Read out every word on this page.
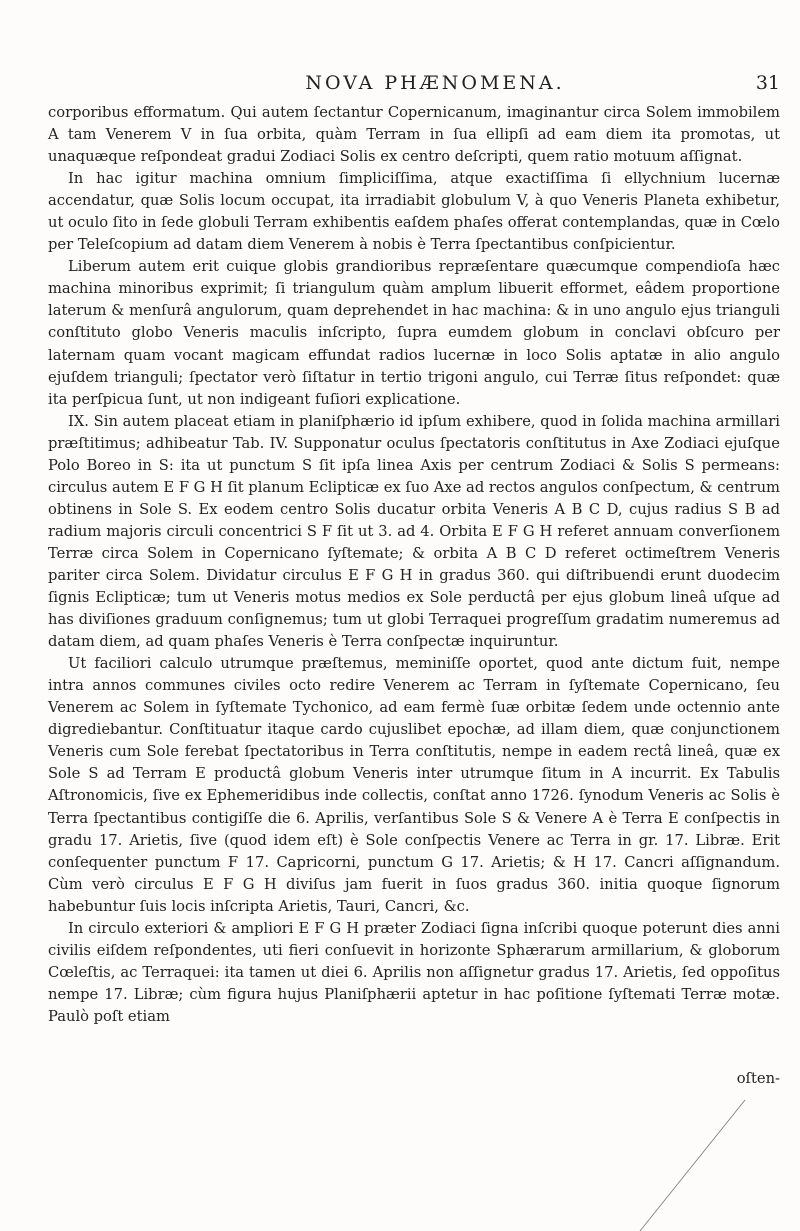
NOVA PHÆNOMENA.	31

corporibus efformatum. Qui autem ſectantur Copernicanum, imaginantur circa Solem immobilem A tam Venerem V in ſua orbita, quàm Terram in ſua ellipſi ad eam diem ita promotas, ut unaquæque reſpondeat gradui Zodiaci Solis ex centro deſcripti, quem ratio motuum aſſignat.

In hac igitur machina omnium ſimpliciſſima, atque exactiſſima ſi ellychnium lucernæ accendatur, quæ Solis locum occupat, ita irradiabit globulum V, à quo Veneris Planeta exhibetur, ut oculo ſito in ſede globuli Terram exhibentis eaſdem phaſes offerat contemplandas, quæ in Cœlo per Teleſcopium ad datam diem Venerem à nobis è Terra ſpectantibus conſpicientur.

Liberum autem erit cuique globis grandioribus repræſentare quæcumque compendioſa hæc machina minoribus exprimit; ſi triangulum quàm amplum libuerit efformet, eâdem proportione laterum & menſurâ angulorum, quam deprehendet in hac machina: & in uno angulo ejus trianguli conſtituto globo Veneris maculis inſcripto, ſupra eumdem globum in conclavi obſcuro per laternam quam vocant magicam effundat radios lucernæ in loco Solis aptatæ in alio angulo ejuſdem trianguli; ſpectator verò ſiſtatur in tertio trigoni angulo, cui Terræ ſitus reſpondet: quæ ita perſpicua ſunt, ut non indigeant fuſiori explicatione.

IX. Sin autem placeat etiam in planiſphærio id ipſum exhibere, quod in ſolida machina armillari præſtitimus; adhibeatur Tab. IV. Supponatur oculus ſpectatoris conſtitutus in Axe Zodiaci ejuſque Polo Boreo in S: ita ut punctum S ſit ipſa linea Axis per centrum Zodiaci & Solis S permeans: circulus autem E F G H ſit planum Eclipticæ ex ſuo Axe ad rectos angulos conſpectum, & centrum obtinens in Sole S. Ex eodem centro Solis ducatur orbita Veneris A B C D, cujus radius S B ad radium majoris circuli concentrici S F ſit ut 3. ad 4. Orbita E F G H referet annuam converſionem Terræ circa Solem in Copernicano ſyſtemate; & orbita A B C D referet octimeſtrem Veneris pariter circa Solem. Dividatur circulus E F G H in gradus 360. qui diſtribuendi erunt duodecim ſignis Eclipticæ; tum ut Veneris motus medios ex Sole perductâ per ejus globum lineâ uſque ad has diviſiones graduum conſignemus; tum ut globi Terraquei progreſſum gradatim numeremus ad datam diem, ad quam phaſes Veneris è Terra conſpectæ inquiruntur.

Ut faciliori calculo utrumque præſtemus, meminiſſe oportet, quod ante dictum fuit, nempe intra annos communes civiles octo redire Venerem ac Terram in ſyſtemate Copernicano, ſeu Venerem ac Solem in ſyſtemate Tychonico, ad eam fermè ſuæ orbitæ ſedem unde octennio ante digrediebantur. Conſtituatur itaque cardo cujuslibet epochæ, ad illam diem, quæ conjunctionem Veneris cum Sole ferebat ſpectatoribus in Terra conſtitutis, nempe in eadem rectâ lineâ, quæ ex Sole S ad Terram E productâ globum Veneris inter utrumque ſitum in A incurrit. Ex Tabulis Aſtronomicis, ſive ex Ephemeridibus inde collectis, conſtat anno 1726. ſynodum Veneris ac Solis è Terra ſpectantibus contigiſſe die 6. Aprilis, verſantibus Sole S & Venere A è Terra E conſpectis in gradu 17. Arietis, ſive (quod idem eſt) è Sole conſpectis Venere ac Terra in gr. 17. Libræ. Erit conſequenter punctum F 17. Capricorni, punctum G 17. Arietis; & H 17. Cancri aſſignandum. Cùm verò circulus E F G H diviſus jam fuerit in ſuos gradus 360. initia quoque ſignorum habebuntur ſuis locis inſcripta Arietis, Tauri, Cancri, &c.

In circulo exteriori & ampliori E F G H præter Zodiaci ſigna inſcribi quoque poterunt dies anni civilis eiſdem reſpondentes, uti fieri conſuevit in horizonte Sphærarum armillarium, & globorum Cœleſtis, ac Terraquei: ita tamen ut diei 6. Aprilis non aſſignetur gradus 17. Arietis, ſed oppoſitus nempe 17. Libræ; cùm figura hujus Planiſphærii aptetur in hac poſitione ſyſtemati Terræ motæ. Paulò poſt etiam

oſten-
